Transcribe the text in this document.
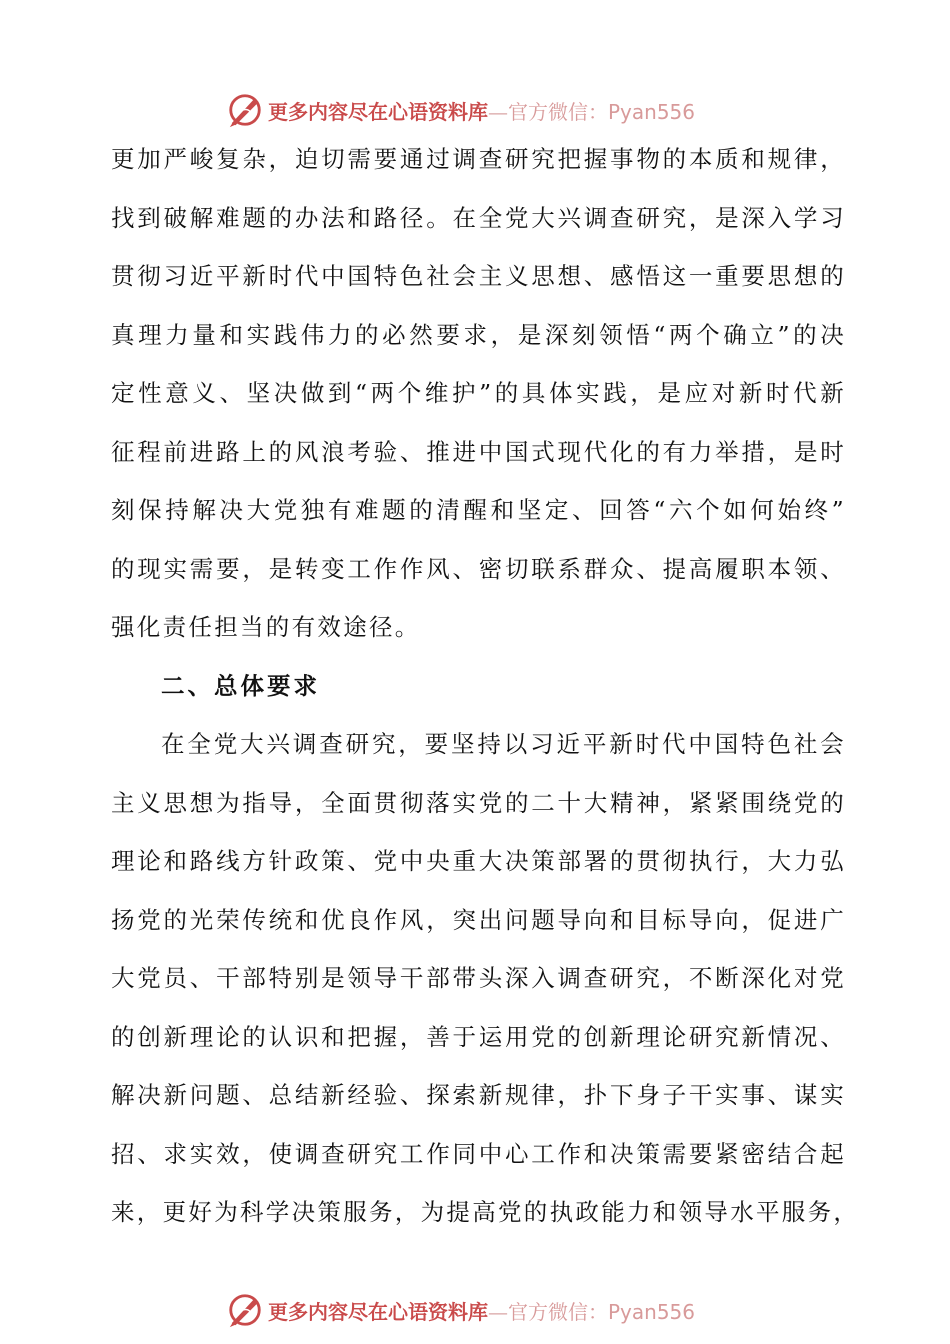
更多内容尽在心语资料库—官方微信：Pyan556
更加严峻复杂，迫切需要通过调查研究把握事物的本质和规律，
找到破解难题的办法和路径。在全党大兴调查研究，是深入学习
贯彻习近平新时代中国特色社会主义思想、感悟这一重要思想的
真理力量和实践伟力的必然要求，是深刻领悟“两个确立”的决
定性意义、坚决做到“两个维护”的具体实践，是应对新时代新
征程前进路上的风浪考验、推进中国式现代化的有力举措，是时
刻保持解决大党独有难题的清醒和坚定、回答“六个如何始终”
的现实需要，是转变工作作风、密切联系群众、提高履职本领、
强化责任担当的有效途径。
二、总体要求
在全党大兴调查研究，要坚持以习近平新时代中国特色社会
主义思想为指导，全面贯彻落实党的二十大精神，紧紧围绕党的
理论和路线方针政策、党中央重大决策部署的贯彻执行，大力弘
扬党的光荣传统和优良作风，突出问题导向和目标导向，促进广
大党员、干部特别是领导干部带头深入调查研究，不断深化对党
的创新理论的认识和把握，善于运用党的创新理论研究新情况、
解决新问题、总结新经验、探索新规律，扑下身子干实事、谋实
招、求实效，使调查研究工作同中心工作和决策需要紧密结合起
来，更好为科学决策服务，为提高党的执政能力和领导水平服务，
更多内容尽在心语资料库—官方微信：Pyan556
